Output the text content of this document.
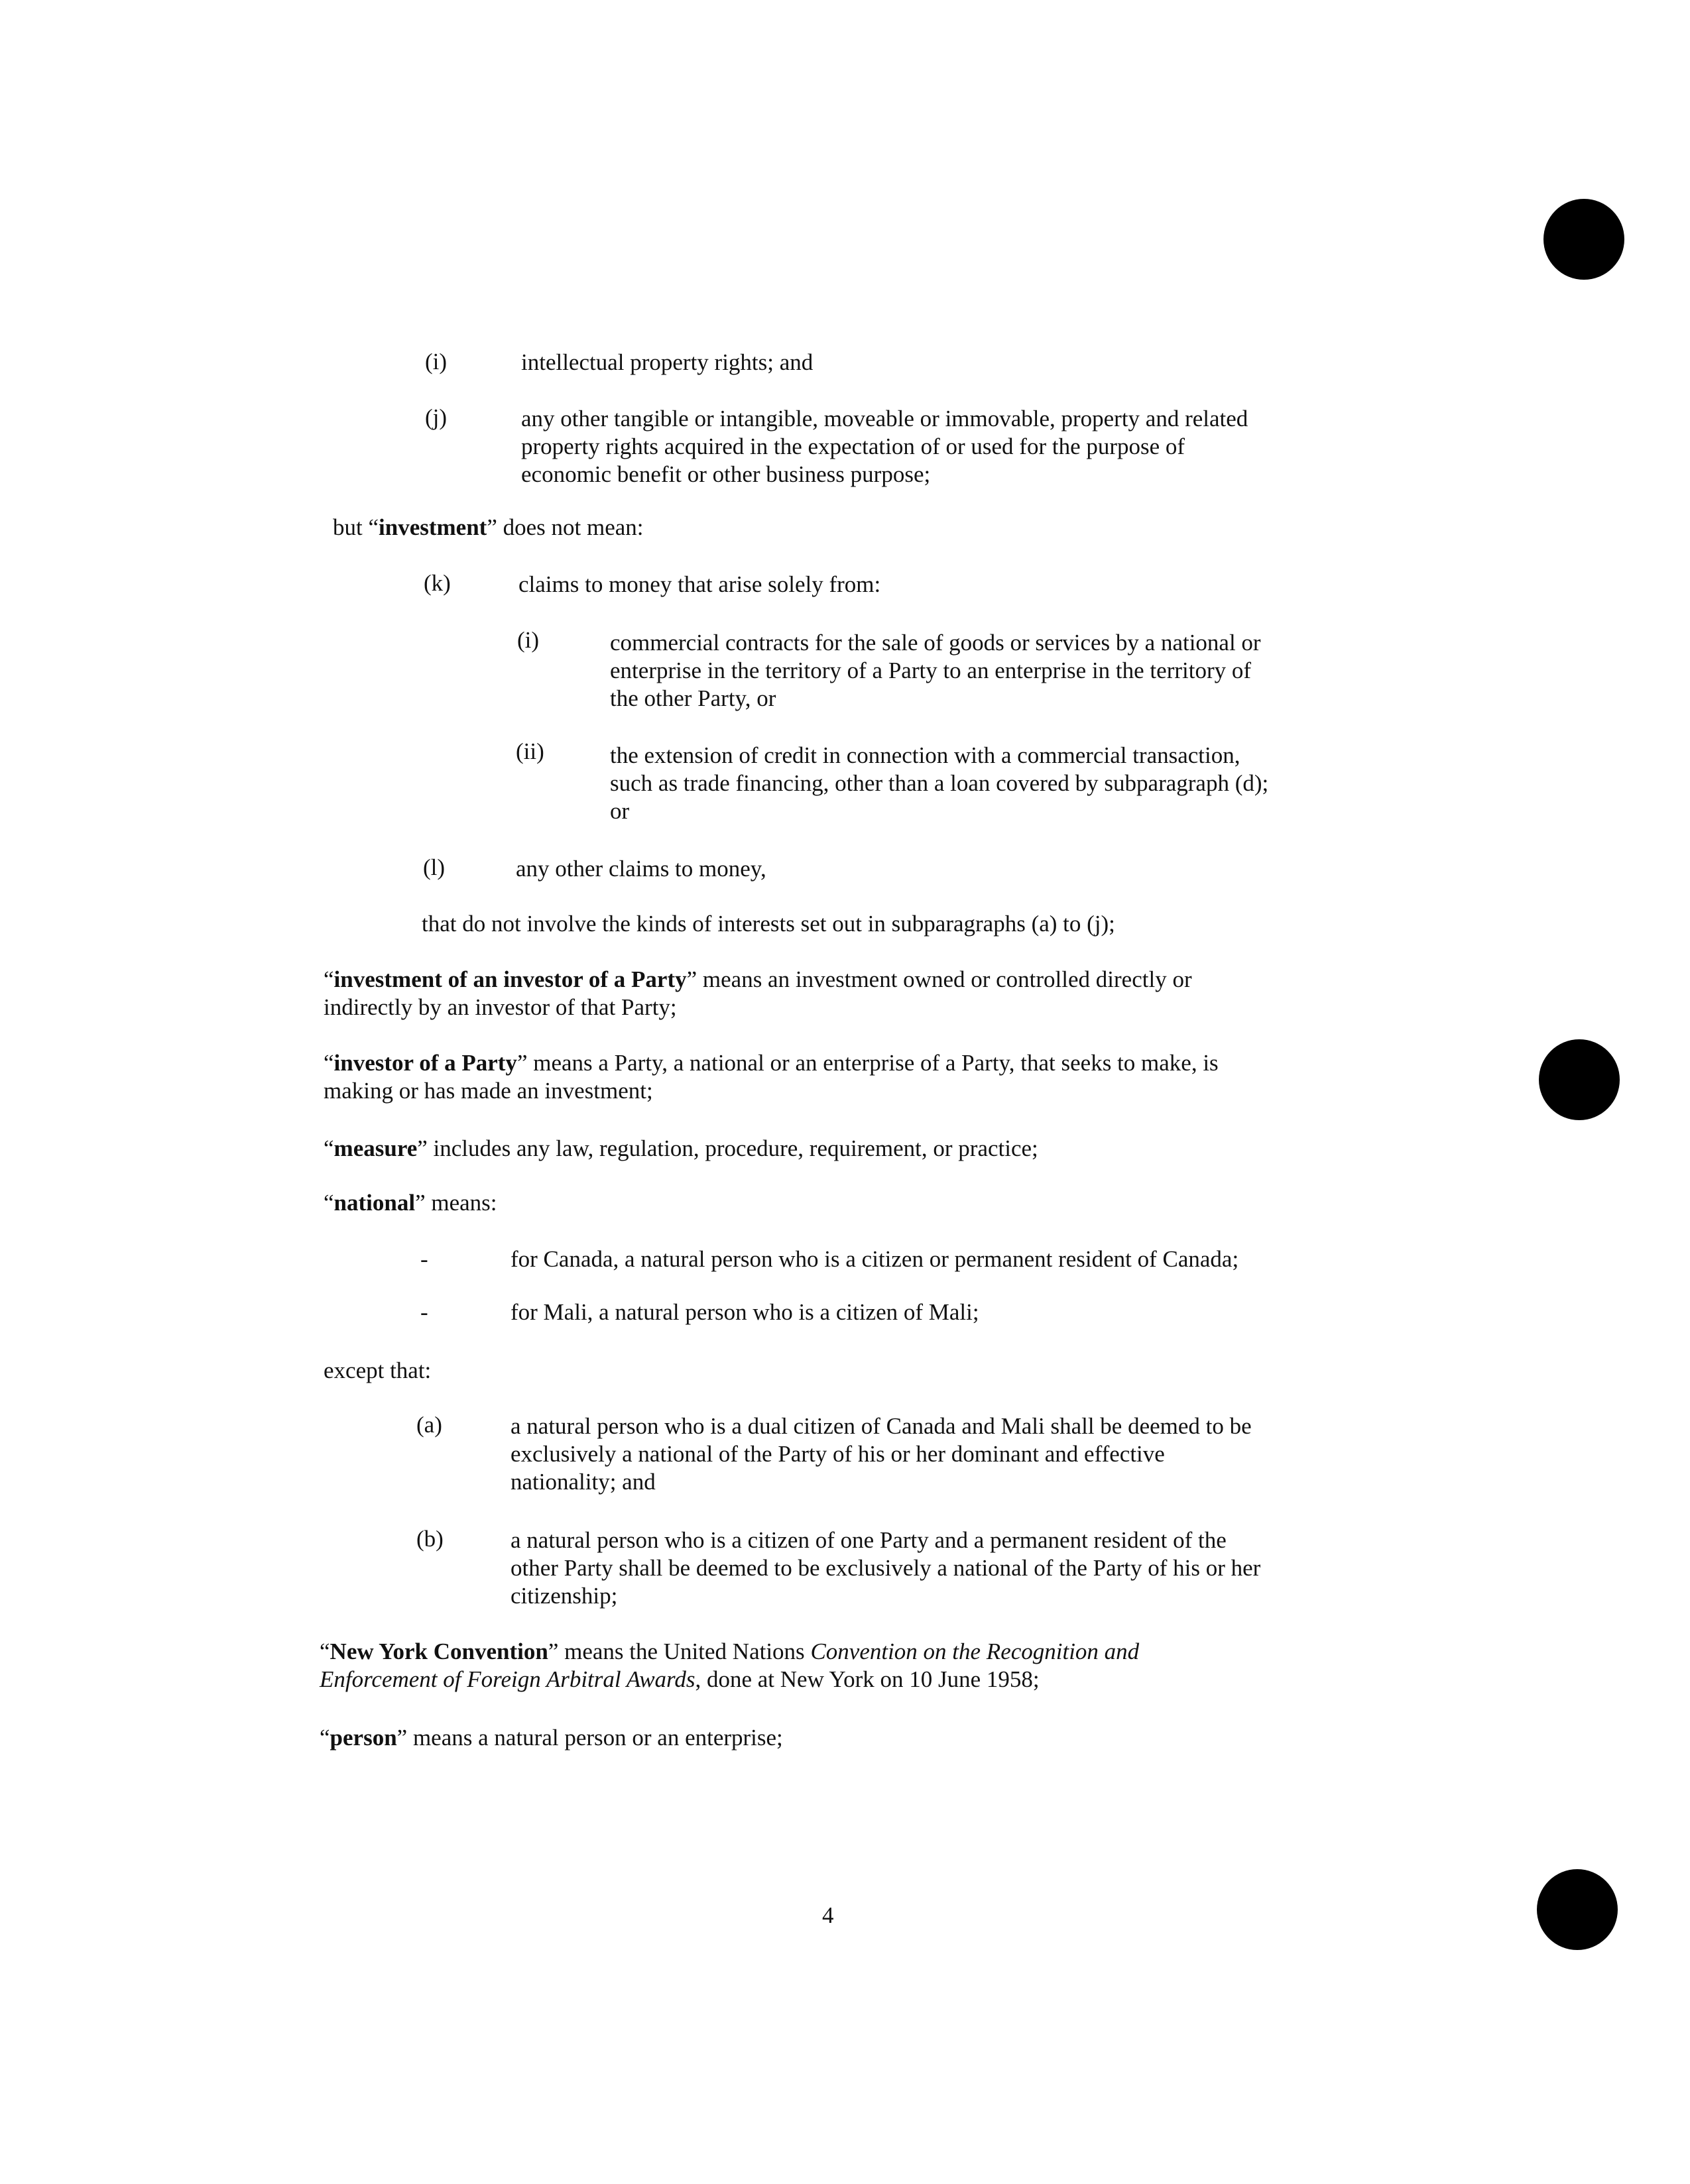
(i)	intellectual property rights; and

(j)	any other tangible or intangible, moveable or immovable, property and related

property rights acquired in the expectation of or used for the purpose of

economic benefit or other business purpose;

but “investment” does not mean:

(k)	claims to money that arise solely from:

(i)	commercial contracts for the sale of goods or services by a national or

enterprise in the territory of a Party to an enterprise in the territory of

the other Party, or

(ii)	the extension of credit in connection with a commercial transaction,

such as trade financing, other than a loan covered by subparagraph (d);

or

(l)	any other claims to money,

that do not involve the kinds of interests set out in subparagraphs (a) to (j);

“investment of an investor of a Party” means an investment owned or controlled directly or

indirectly by an investor of that Party;

“investor of a Party” means a Party, a national or an enterprise of a Party, that seeks to make, is

making or has made an investment;

“measure” includes any law, regulation, procedure, requirement, or practice;

“national” means:

-	for Canada, a natural person who is a citizen or permanent resident of Canada;

-	for Mali, a natural person who is a citizen of Mali;

except that:

(a)	a natural person who is a dual citizen of Canada and Mali shall be deemed to be

exclusively a national of the Party of his or her dominant and effective

nationality; and

(b)	a natural person who is a citizen of one Party and a permanent resident of the

other Party shall be deemed to be exclusively a national of the Party of his or her

citizenship;

“New York Convention” means the United Nations Convention on the Recognition and

Enforcement of Foreign Arbitral Awards, done at New York on 10 June 1958;

“person” means a natural person or an enterprise;

4
